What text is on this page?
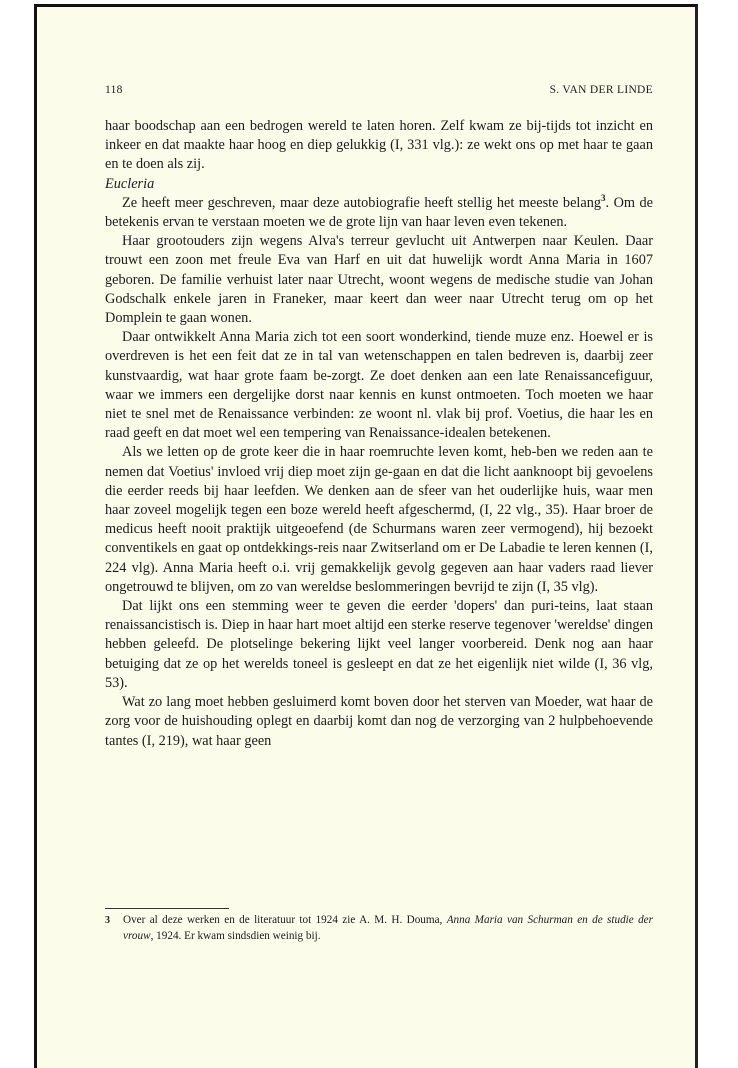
118	S. VAN DER LINDE

haar boodschap aan een bedrogen wereld te laten horen. Zelf kwam ze bij-tijds tot inzicht en inkeer en dat maakte haar hoog en diep gelukkig (I, 331 vlg.): ze wekt ons op met haar te gaan en te doen als zij.

Eucleria

Ze heeft meer geschreven, maar deze autobiografie heeft stellig het meeste belang$^3$. Om de betekenis ervan te verstaan moeten we de grote lijn van haar leven even tekenen.

Haar grootouders zijn wegens Alva's terreur gevlucht uit Antwerpen naar Keulen. Daar trouwt een zoon met freule Eva van Harf en uit dat huwelijk wordt Anna Maria in 1607 geboren. De familie verhuist later naar Utrecht, woont wegens de medische studie van Johan Godschalk enkele jaren in Franeker, maar keert dan weer naar Utrecht terug om op het Domplein te gaan wonen.

Daar ontwikkelt Anna Maria zich tot een soort wonderkind, tiende muze enz. Hoewel er is overdreven is het een feit dat ze in tal van wetenschappen en talen bedreven is, daarbij zeer kunstvaardig, wat haar grote faam be-zorgt. Ze doet denken aan een late Renaissancefiguur, waar we immers een dergelijke dorst naar kennis en kunst ontmoeten. Toch moeten we haar niet te snel met de Renaissance verbinden: ze woont nl. vlak bij prof. Voetius, die haar les en raad geeft en dat moet wel een tempering van Renaissance-idealen betekenen.

Als we letten op de grote keer die in haar roemruchte leven komt, heb-ben we reden aan te nemen dat Voetius' invloed vrij diep moet zijn ge-gaan en dat die licht aanknoopt bij gevoelens die eerder reeds bij haar leefden. We denken aan de sfeer van het ouderlijke huis, waar men haar zoveel mogelijk tegen een boze wereld heeft afgeschermd, (I, 22 vlg., 35). Haar broer de medicus heeft nooit praktijk uitgeoefend (de Schurmans waren zeer vermogend), hij bezoekt conventikels en gaat op ontdekkings-reis naar Zwitserland om er De Labadie te leren kennen (I, 224 vlg). Anna Maria heeft o.i. vrij gemakkelijk gevolg gegeven aan haar vaders raad liever ongetrouwd te blijven, om zo van wereldse beslommeringen bevrijd te zijn (I, 35 vlg).

Dat lijkt ons een stemming weer te geven die eerder 'dopers' dan puri-teins, laat staan renaissancistisch is. Diep in haar hart moet altijd een sterke reserve tegenover 'wereldse' dingen hebben geleefd. De plotselinge bekering lijkt veel langer voorbereid. Denk nog aan haar betuiging dat ze op het werelds toneel is gesleept en dat ze het eigenlijk niet wilde (I, 36 vlg, 53).

Wat zo lang moet hebben gesluimerd komt boven door het sterven van Moeder, wat haar de zorg voor de huishouding oplegt en daarbij komt dan nog de verzorging van 2 hulpbehoevende tantes (I, 219), wat haar geen

3 Over al deze werken en de literatuur tot 1924 zie A. M. H. Douma, Anna Maria van Schurman en de studie der vrouw, 1924. Er kwam sindsdien weinig bij.
